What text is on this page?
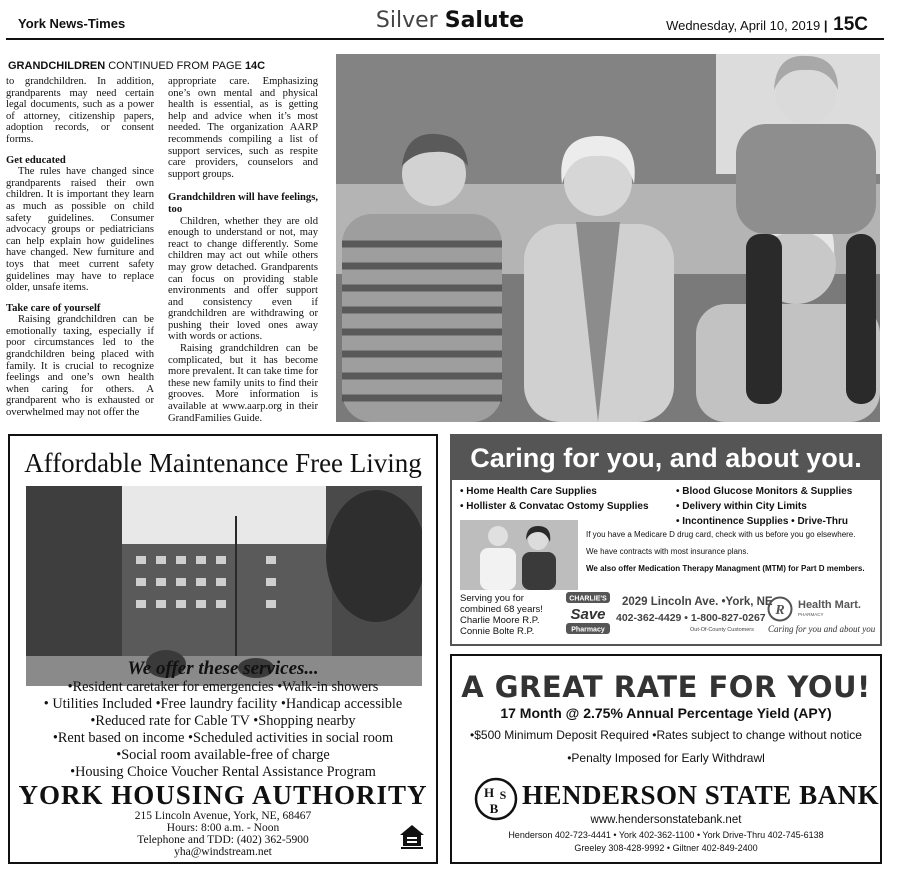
York News-Times	Silver Salute	Wednesday, April 10, 2019 | 15C
GRANDCHILDREN CONTINUED FROM PAGE 14C

to grandchildren. In addition, grandparents may need certain legal documents, such as a power of attorney, citizenship papers, adoption records, or consent forms.

Get educated

The rules have changed since grandparents raised their own children. It is important they learn as much as possible on child safety guidelines. Consumer advocacy groups or pediatricians can help explain how guidelines have changed. New furniture and toys that meet current safety guidelines may have to replace older, unsafe items.

Take care of yourself

Raising grandchildren can be emotionally taxing, especially if poor circumstances led to the grandchildren being placed with family. It is crucial to recognize feelings and one’s own health when caring for others. A grandparent who is exhausted or overwhelmed may not offer the

appropriate care. Emphasizing one’s own mental and physical health is essential, as is getting help and advice when it’s most needed. The organization AARP recommends compiling a list of support services, such as respite care providers, counselors and support groups.

Grandchildren will have feelings, too

Children, whether they are old enough to understand or not, may react to change differently. Some children may act out while others may grow detached. Grandparents can focus on providing stable environments and offer support and consistency even if grandchildren are withdrawing or pushing their loved ones away with words or actions.

Raising grandchildren can be complicated, but it has become more prevalent. It can take time for these new family units to find their grooves. More information is available at www.aarp.org in their GrandFamilies Guide.

Affordable Maintenance Free Living
We offer these services...
•Resident caretaker for emergencies •Walk-in showers
• Utilities Included •Free laundry facility •Handicap accessible
•Reduced rate for Cable TV •Shopping nearby
•Rent based on income •Scheduled activities in social room
•Social room available-free of charge
•Housing Choice Voucher Rental Assistance Program
YORK HOUSING AUTHORITY
215 Lincoln Avenue, York, NE, 68467
Hours: 8:00 a.m. - Noon
Telephone and TDD: (402) 362-5900
yha@windstream.net
Caring for you, and about you.
• Home Health Care Supplies
• Hollister & Convatac Ostomy Supplies
• Blood Glucose Monitors & Supplies
• Delivery within City Limits
• Incontinence Supplies • Drive-Thru
If you have a Medicare D drug card, check with us before you go elsewhere.
We have contracts with most insurance plans.
We also offer Medication Therapy Managment (MTM) for Part D members.
Serving you for
combined 68 years!
Charlie Moore R.P.
Connie Bolte R.P.
CHARLIE'S
Save
Pharmacy
2029 Lincoln Ave. •York, NE
402-362-4429 • 1-800-827-0267
Out-Of-County Customers
R Health Mart.
PHARMACY
Caring for you and about you
A GREAT RATE FOR YOU!
17 Month @ 2.75% Annual Percentage Yield (APY)
•$500 Minimum Deposit Required •Rates subject to change without notice
•Penalty Imposed for Early Withdrawl
H S
B HENDERSON STATE BANK
www.hendersonstatebank.net
Henderson 402-723-4441 • York 402-362-1100 • York Drive-Thru 402-745-6138
Greeley 308-428-9992 • Giltner 402-849-2400
